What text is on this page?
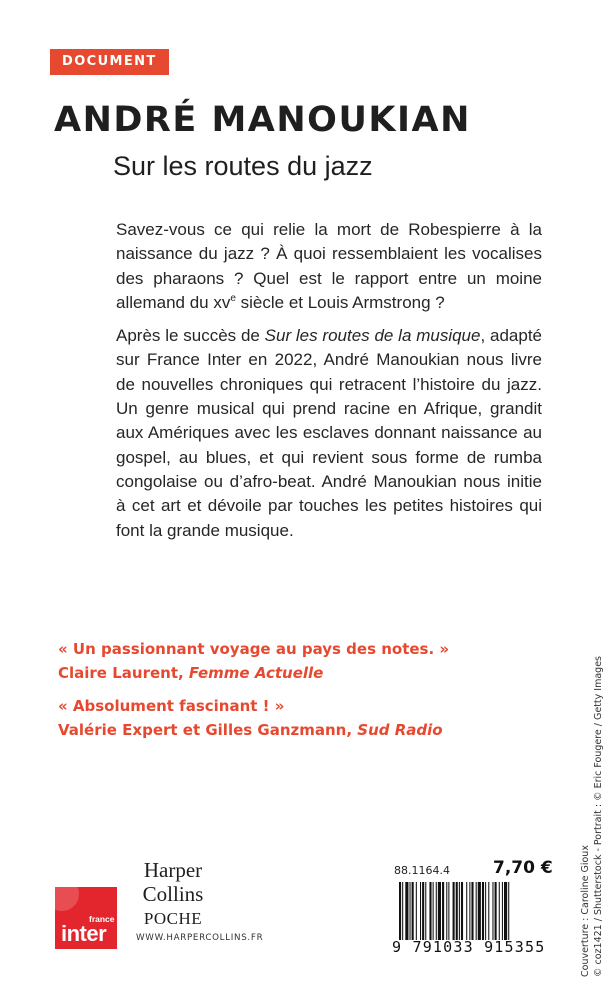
DOCUMENT
ANDRÉ MANOUKIAN
Sur les routes du jazz

Savez-vous ce qui relie la mort de Robespierre à la naissance du jazz ? À quoi ressemblaient les vocalises des pharaons ? Quel est le rapport entre un moine allemand du $xv^e$ siècle et Louis Armstrong ?

Après le succès de Sur les routes de la musique, adapté sur France Inter en 2022, André Manoukian nous livre de nouvelles chroniques qui retracent l’histoire du jazz. Un genre musical qui prend racine en Afrique, grandit aux Amériques avec les esclaves donnant naissance au gospel, au blues, et qui revient sous forme de rumba congolaise ou d’afro-beat. André Manoukian nous initie à cet art et dévoile par touches les petites histoires qui font la grande musique.

« Un passionnant voyage au pays des notes. »
Claire Laurent, Femme Actuelle
« Absolument fascinant ! »
Valérie Expert et Gilles Ganzmann, Sud Radio
Couverture : Caroline Gioux © coz1421 / Shutterstock - Portrait : © Eric Fougere / Getty Images
france
inter
Harper
Collins
POCHE
WWW.HARPERCOLLINS.FR
88.1164.4	7,70 €
9 791033 915355
